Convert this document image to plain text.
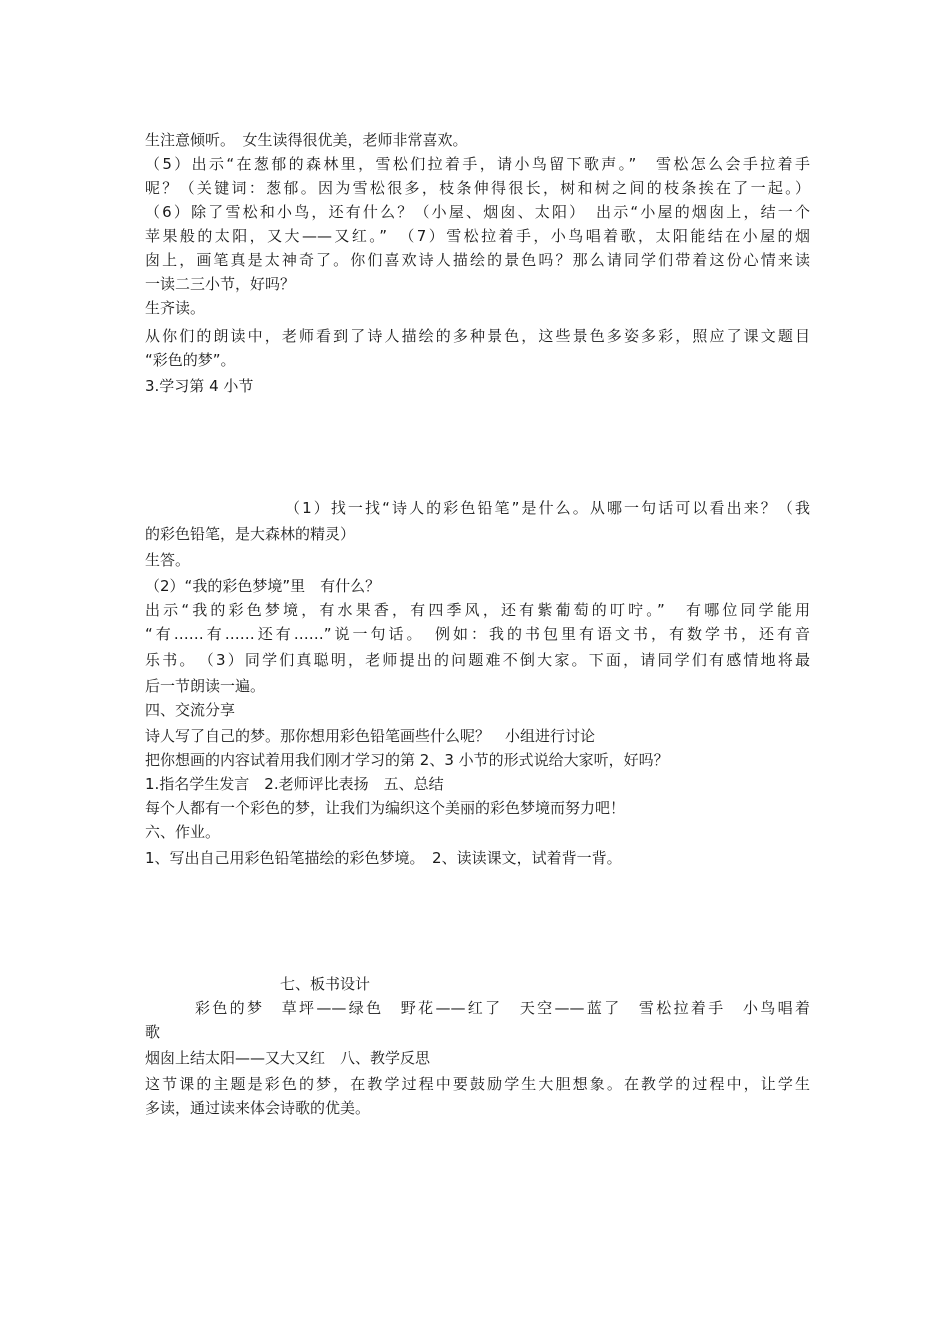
生注意倾听。　女生读得很优美，老师非常喜欢。
（5）出示“在葱郁的森林里，雪松们拉着手，请小鸟留下歌声。”　雪松怎么会手拉着手
呢？（关键词：葱郁。因为雪松很多，枝条伸得很长，树和树之间的枝条挨在了一起。）
（6）除了雪松和小鸟，还有什么？（小屋、烟囱、太阳）　出示“小屋的烟囱上，结一个
苹果般的太阳，又大——又红。”　（7）雪松拉着手，小鸟唱着歌，太阳能结在小屋的烟
囱上，画笔真是太神奇了。你们喜欢诗人描绘的景色吗？那么请同学们带着这份心情来读
一读二三小节，好吗？
生齐读。
从你们的朗读中，老师看到了诗人描绘的多种景色，这些景色多姿多彩，照应了课文题目
“彩色的梦”。
3.学习第 4 小节
（1）找一找“诗人的彩色铅笔”是什么。从哪一句话可以看出来？（我
的彩色铅笔，是大森林的精灵）
生答。
（2）“我的彩色梦境”里　有什么？
出示“我的彩色梦境，有水果香，有四季风，还有紫葡萄的叮咛。”　有哪位同学能用
“有……有……还有……”说一句话。　例如：我的书包里有语文书，有数学书，还有音
乐书。　（3）同学们真聪明，老师提出的问题难不倒大家。下面，请同学们有感情地将最
后一节朗读一遍。
四、交流分享
诗人写了自己的梦。那你想用彩色铅笔画些什么呢？　小组进行讨论
把你想画的内容试着用我们刚才学习的第 2、3 小节的形式说给大家听，好吗？
1.指名学生发言　2.老师评比表扬　五、总结
每个人都有一个彩色的梦，让我们为编织这个美丽的彩色梦境而努力吧！
六、作业。
1、写出自己用彩色铅笔描绘的彩色梦境。　2、读读课文，试着背一背。
七、板书设计
彩色的梦　草坪——绿色　野花——红了　天空——蓝了　雪松拉着手　小鸟唱着
歌
烟囱上结太阳——又大又红　八、教学反思
这节课的主题是彩色的梦，在教学过程中要鼓励学生大胆想象。在教学的过程中，让学生
多读，通过读来体会诗歌的优美。
